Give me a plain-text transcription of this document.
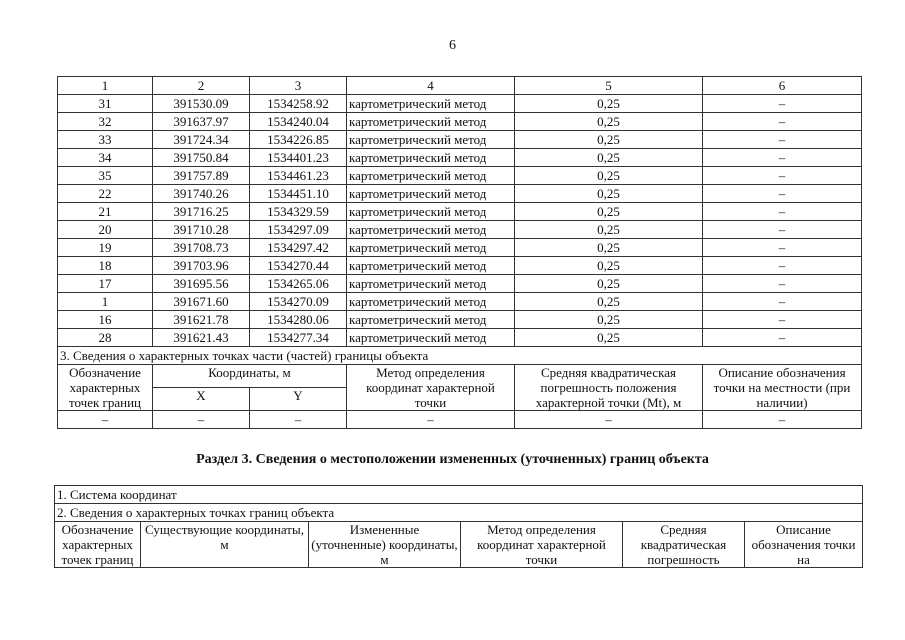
6
1	2	3	4	5	6
31	391530.09	1534258.92	картометрический метод	0,25	–
32	391637.97	1534240.04	картометрический метод	0,25	–
33	391724.34	1534226.85	картометрический метод	0,25	–
34	391750.84	1534401.23	картометрический метод	0,25	–
35	391757.89	1534461.23	картометрический метод	0,25	–
22	391740.26	1534451.10	картометрический метод	0,25	–
21	391716.25	1534329.59	картометрический метод	0,25	–
20	391710.28	1534297.09	картометрический метод	0,25	–
19	391708.73	1534297.42	картометрический метод	0,25	–
18	391703.96	1534270.44	картометрический метод	0,25	–
17	391695.56	1534265.06	картометрический метод	0,25	–
1	391671.60	1534270.09	картометрический метод	0,25	–
16	391621.78	1534280.06	картометрический метод	0,25	–
28	391621.43	1534277.34	картометрический метод	0,25	–
3. Сведения о характерных точках части (частей) границы объекта					
Обозначение характерных точек границ	Координаты, м		Метод определения координат характерной точки	Средняя квадратическая погрешность положения характерной точки (Mt), м	Описание обозначения точки на местности (при наличии)
	X	Y			
–	–	–	–	–	–
Раздел 3. Сведения о местоположении измененных (уточненных) границ объекта
1. Система координат
2. Сведения о характерных точках границ объекта
Обозначение характерных точек границ	Существующие координаты, м	Измененные (уточненные) координаты, м	Метод определения координат характерной точки	Средняя квадратическая погрешность	Описание обозначения точки на
